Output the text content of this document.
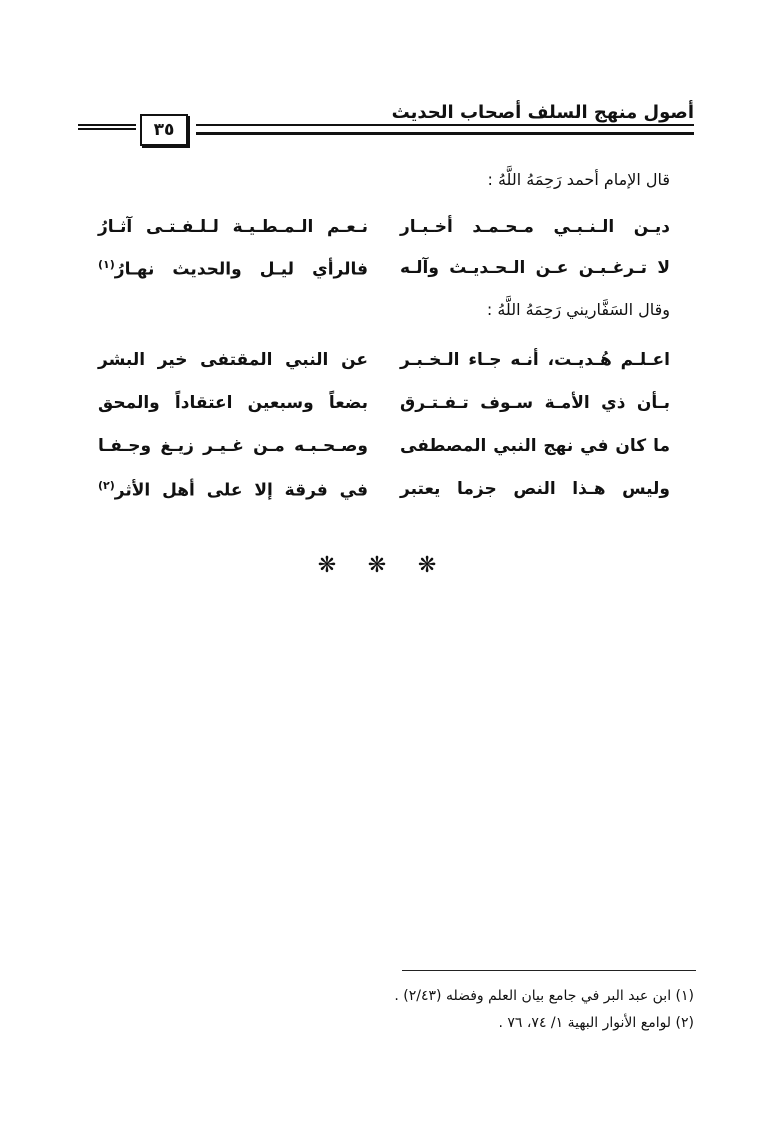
أصول منهج السلف أصحاب الحديث
٣٥
قال الإمام أحمد رَحِمَهُ اللَّهُ :
ديـن الـنـبـي مـحـمـد أخـبـار
نـعـم الـمـطـيـة لـلـفـتـى آثـارُ
لا تـرغـبـن عـن الـحـديـث وآلـه
فالرأي ليـل والحديث نهـارُ$^{(١)}$
وقال السَفَّاريني رَحِمَهُ اللَّهُ :
اعـلـم هُـديـت، أنـه جـاء الـخـبـر
عن النبي المقتفى خير البشر
بـأن ذي الأمـة سـوف تـفـتـرق
بضعاً وسبعين اعتقاداً والمحق
ما كان في نهج النبي المصطفى
وصـحـبـه مـن غـيـر زيـغ وجـفـا
وليس هـذا النص جزما يعتبر
في فرقة إلا على أهل الأثر$^{(٢)}$
❋ ❋ ❋
(١) ابن عبد البر في جامع بيان العلم وفضله (٢/٤٣) .
(٢) لوامع الأنوار البهية ١/ ٧٤، ٧٦ .
